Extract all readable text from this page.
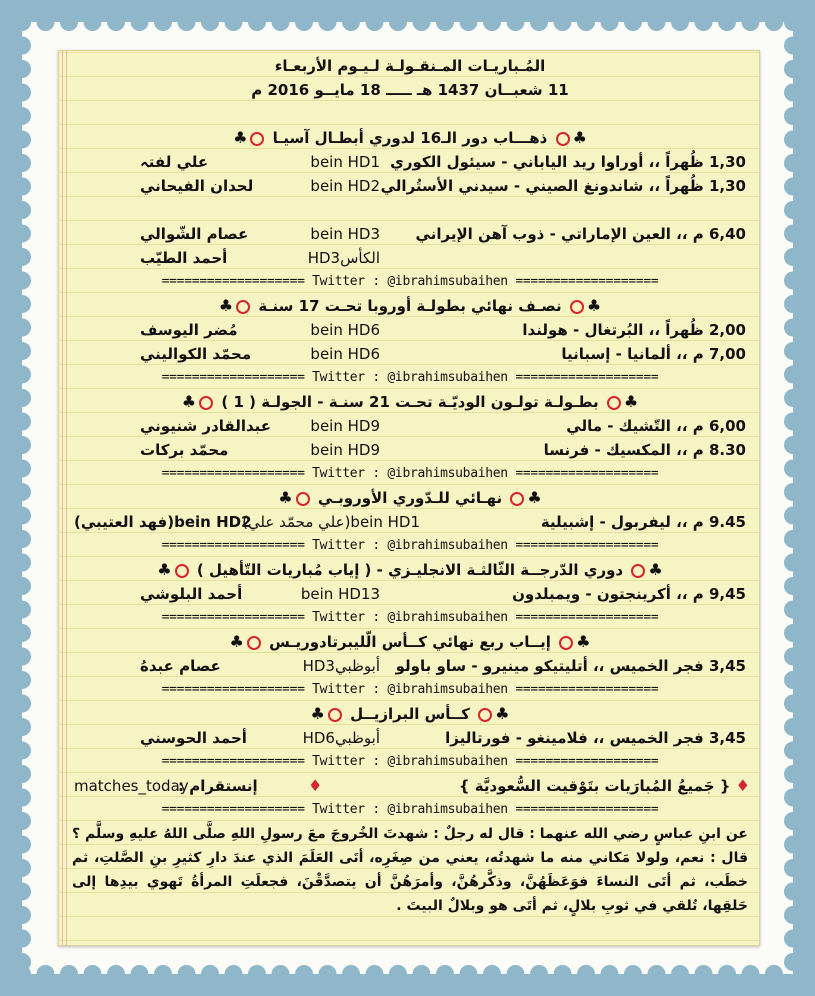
المُـباريـات المـنقـولـة لـيـوم الأربعـاء
11 شعبــان 1437 هـ ـــــ 18 مايــو 2016 م
♣ ذهـــاب دور الـ16 لدوري أبطـال آسيـا ♣
1,30 ظُهراً ،، أوراوا ريد الياباني - سيئول الكوري
bein HD1
علي لفتہ
1,30 ظُهراً ،، شاندونغ الصيني - سيدني الأستُرالي
bein HD2
لحدان الفيحاني
6,40 م ،، العين الإماراتي - ذوب آهن الإيراني
bein HD3
عصام الشّوالي
الكأسHD3
أحمد الطيّب
=================== Twitter : @ibrahimsubaihen ===================
♣ نصـف نهائي بطولـة أوروبا تحـت 17 سنـة ♣
2,00 ظُهراً ،، البُرتغال - هولندا
bein HD6
مُضر اليوسف
7,00 م ،، ألمانيا - إسبانيا
bein HD6
محمّد الكواليني
=================== Twitter : @ibrahimsubaihen ===================
♣ بطـولـة تولـون الوديّـة تحـت 21 سنـة - الجولـة ( 1 ) ♣
6,00 م ،، التّشيك - مالي
bein HD9
عبدالقادر شنيوني
8.30 م ،، المكسيك - فرنسا
bein HD9
محمّد بركات
=================== Twitter : @ibrahimsubaihen ===================
♣ نهـائي للـدّوري الأوروبـي ♣
9.45 م ،، ليفربول - إشبيلية
bein HD1(علي محمّد علي)
bein HD2(فهد العتيبي)
=================== Twitter : @ibrahimsubaihen ===================
♣ دوري الدّرجــة الثّالثـة الانجليـزي - ( إياب مُباريات التّأهيل ) ♣
9,45 م ،، أكرينجتون - ويمبلدون
bein HD13
أحمد البلوشي
=================== Twitter : @ibrahimsubaihen ===================
♣ إيــاب ربع نهائي كــأس الّليبرتادوريـس ♣
3,45 فجر الخميس ،، أتليتيكو مينيرو - ساو باولو
أبوظبيHD3
عصام عبدهُ
=================== Twitter : @ibrahimsubaihen ===================
♣ كــأس البرازيــل ♣
3,45 فجر الخميس ،، فلامينغو - فورتاليزا
أبوظبيHD6
أحمد الحوسني
=================== Twitter : @ibrahimsubaihen ===================
♦ { جَميعُ المُبارَيات بتَوْقيت السُّعوديَّة }
♦
إنستقرام :
matches_today
=================== Twitter : @ibrahimsubaihen ===================
عن ابنِ عباسٍ رضي الله عنهما : قال له رجلٌ : شهدتَ الخُروجَ معَ رسولِ اللهِ صلَّى اللهُ عليهِ وسلَّم ؟ قال : نعم، ولولا مَكاني منه ما شهدتُه، يعني من صِغَرِه، أتَى العَلَمَ الذي عندَ دارِ كثيرِ بنِ الصَّلتِ، ثم خطَب، ثم أتَى النساءَ فوَعَظَهُنَّ، وذكَّرهُنَّ، وأمرَهُنَّ أن يتصدَّقْنَ، فجعلَتِ المرأةُ تَهوي بيدِها إلى حَلقِها، تُلقي في ثوبِ بلالٍ، ثم أتَى هو وبلالٌ البيتَ .
